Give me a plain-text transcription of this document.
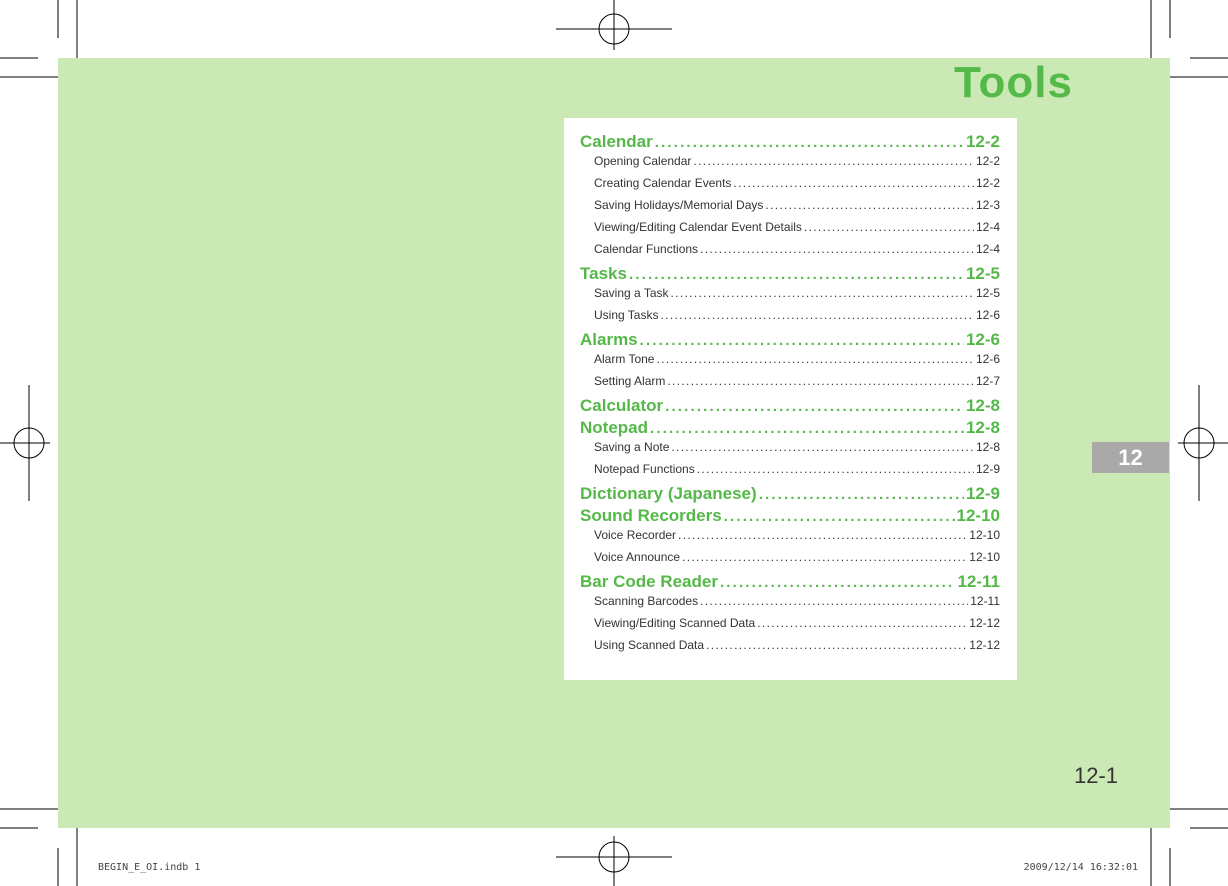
Tools
Calendar . . .	12-2
Opening Calendar . . .	12-2
Creating Calendar Events . . .	12-2
Saving Holidays/Memorial Days . . .	12-3
Viewing/Editing Calendar Event Details . . .	12-4
Calendar Functions . . .	12-4
Tasks . . .	12-5
Saving a Task . . .	12-5
Using Tasks . . .	12-6
Alarms . . .	12-6
Alarm Tone . . .	12-6
Setting Alarm . . .	12-7
Calculator . . .	12-8
Notepad . . .	12-8
Saving a Note . . .	12-8
Notepad Functions . . .	12-9
Dictionary (Japanese) . . .	12-9
Sound Recorders . . .	12-10
Voice Recorder . . .	12-10
Voice Announce . . .	12-10
Bar Code Reader . . .	12-11
Scanning Barcodes . . .	12-11
Viewing/Editing Scanned Data . . .	12-12
Using Scanned Data . . .	12-12
12
12-1
BEGIN_E_OI.indb 1	2009/12/14 16:32:01
